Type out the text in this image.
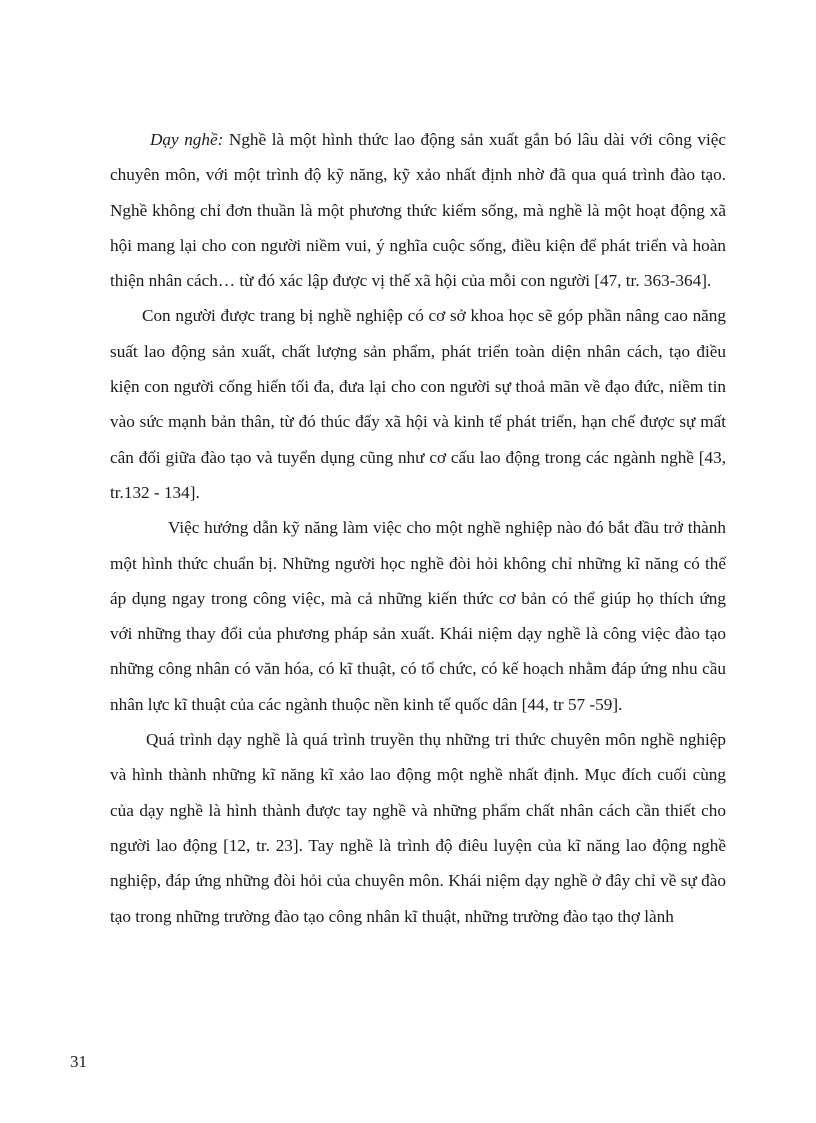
Dạy nghề: Nghề là một hình thức lao động sản xuất gắn bó lâu dài với công việc chuyên môn, với một trình độ kỹ năng, kỹ xảo nhất định nhờ đã qua quá trình đào tạo. Nghề không chỉ đơn thuần là một phương thức kiếm sống, mà nghề là một hoạt động xã hội mang lại cho con người niềm vui, ý nghĩa cuộc sống, điều kiện để phát triển và hoàn thiện nhân cách… từ đó xác lập được vị thế xã hội của mỗi con người [47, tr. 363-364].

Con người được trang bị nghề nghiệp có cơ sở khoa học sẽ góp phần nâng cao năng suất lao động sản xuất, chất lượng sản phẩm, phát triển toàn diện nhân cách, tạo điều kiện con người cống hiến tối đa, đưa lại cho con người sự thoả mãn về đạo đức, niềm tin vào sức mạnh bản thân, từ đó thúc đẩy xã hội và kinh tế phát triển, hạn chế được sự mất cân đối giữa đào tạo và tuyển dụng cũng như cơ cấu lao động trong các ngành nghề [43, tr.132 - 134].

Việc hướng dẫn kỹ năng làm việc cho một nghề nghiệp nào đó bắt đầu trở thành một hình thức chuẩn bị. Những người học nghề đòi hỏi không chỉ những kĩ năng có thể áp dụng ngay trong công việc, mà cả những kiến thức cơ bản có thể giúp họ thích ứng với những thay đổi của phương pháp sản xuất. Khái niệm dạy nghề là công việc đào tạo những công nhân có văn hóa, có kĩ thuật, có tổ chức, có kế hoạch nhằm đáp ứng nhu cầu nhân lực kĩ thuật của các ngành thuộc nền kinh tế quốc dân [44, tr 57 -59].

Quá trình dạy nghề là quá trình truyền thụ những tri thức chuyên môn nghề nghiệp và hình thành những kĩ năng kĩ xảo lao động một nghề nhất định. Mục đích cuối cùng của dạy nghề là hình thành được tay nghề và những phẩm chất nhân cách cần thiết cho người lao động [12, tr. 23]. Tay nghề là trình độ điêu luyện của kĩ năng lao động nghề nghiệp, đáp ứng những đòi hỏi của chuyên môn. Khái niệm dạy nghề ở đây chỉ về sự đào tạo trong những trường đào tạo công nhân kĩ thuật, những trường đào tạo thợ lành

31
